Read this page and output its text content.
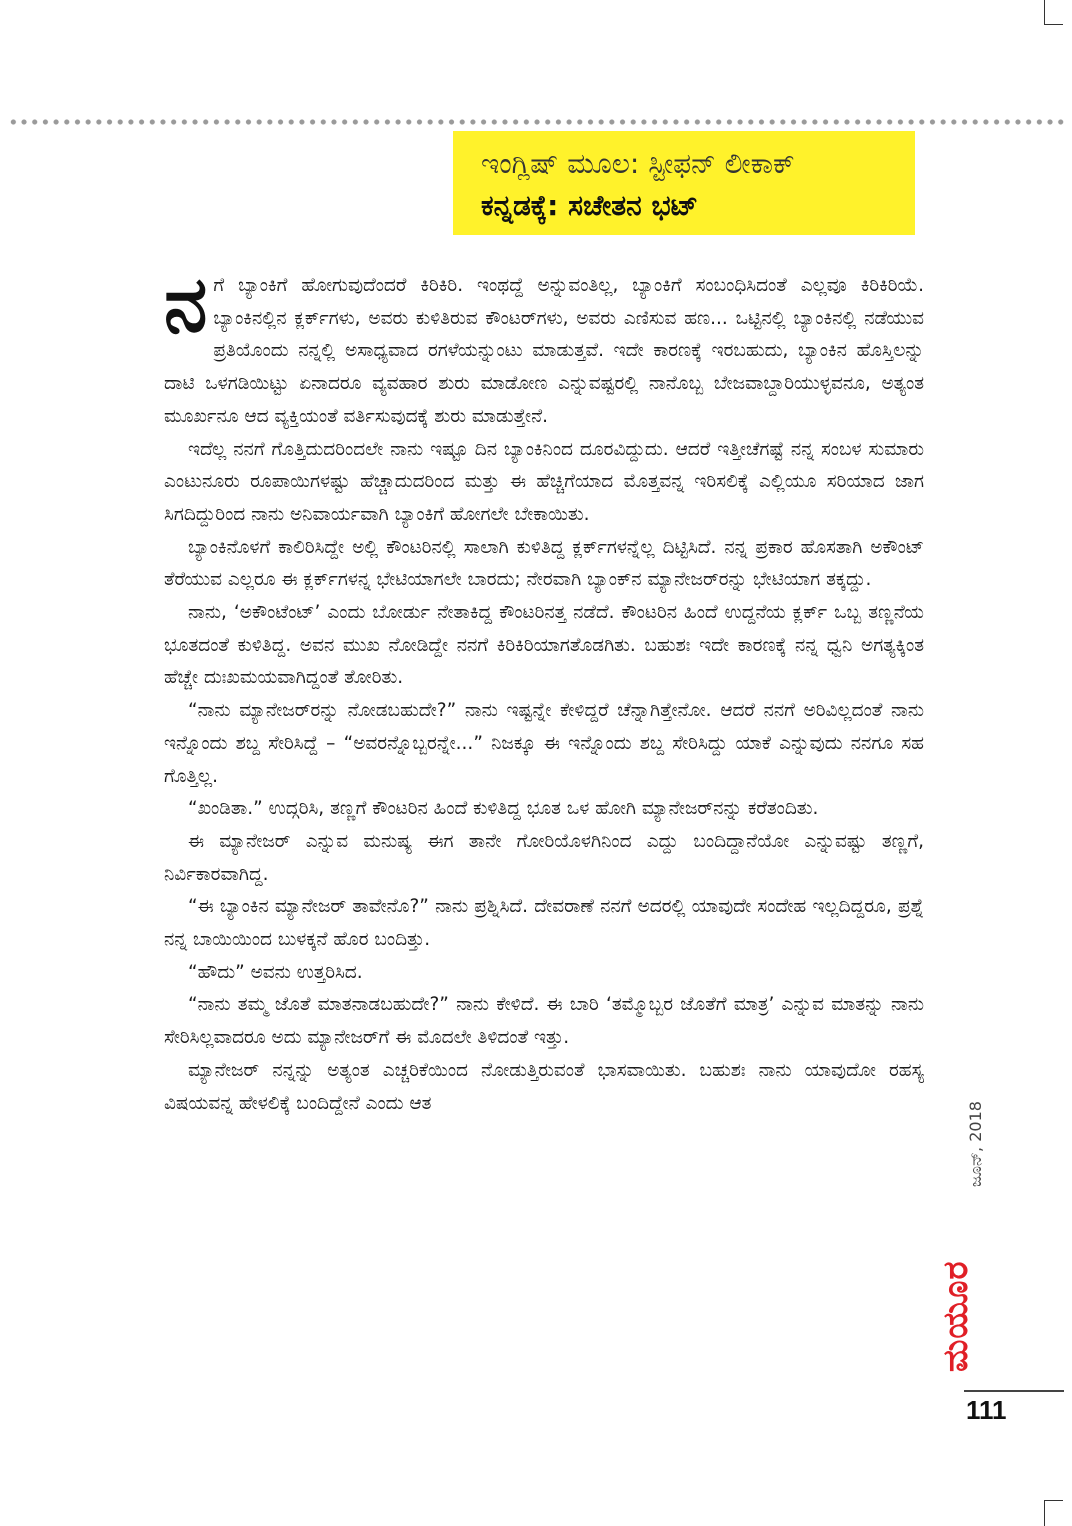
ಇಂಗ್ಲಿಷ್ ಮೂಲ: ಸ್ಟೀಫನ್ ಲೀಕಾಕ್
ಕನ್ನಡಕ್ಕೆ: ಸಚೇತನ ಭಟ್

ನಗೆ ಬ್ಯಾಂಕಿಗೆ ಹೋಗುವುದೆಂದರೆ ಕಿರಿಕಿರಿ. ಇಂಥದ್ದೆ ಅನ್ನುವಂತಿಲ್ಲ, ಬ್ಯಾಂಕಿಗೆ ಸಂಬಂಧಿಸಿದಂತೆ ಎಲ್ಲವೂ ಕಿರಿಕಿರಿಯೆ. ಬ್ಯಾಂಕಿನಲ್ಲಿನ ಕ್ಲರ್ಕ್‌ಗಳು, ಅವರು ಕುಳಿತಿರುವ ಕೌಂಟರ್‌ಗಳು, ಅವರು ಎಣಿಸುವ ಹಣ... ಒಟ್ಟಿನಲ್ಲಿ ಬ್ಯಾಂಕಿನಲ್ಲಿ ನಡೆಯುವ ಪ್ರತಿಯೊಂದು ನನ್ನಲ್ಲಿ ಅಸಾಧ್ಯವಾದ ರಗಳೆಯನ್ನುಂಟು ಮಾಡುತ್ತವೆ. ಇದೇ ಕಾರಣಕ್ಕೆ ಇರಬಹುದು, ಬ್ಯಾಂಕಿನ ಹೊಸ್ತಿಲನ್ನು ದಾಟಿ ಒಳಗಡಿಯಿಟ್ಟು ಏನಾದರೂ ವ್ಯವಹಾರ ಶುರು ಮಾಡೋಣ ಎನ್ನುವಷ್ಟರಲ್ಲಿ ನಾನೊಬ್ಬ ಬೇಜವಾಬ್ದಾರಿಯುಳ್ಳವನೂ, ಅತ್ಯಂತ ಮೂರ್ಖನೂ ಆದ ವ್ಯಕ್ತಿಯಂತೆ ವರ್ತಿಸುವುದಕ್ಕೆ ಶುರು ಮಾಡುತ್ತೇನೆ.

ಇದೆಲ್ಲ ನನಗೆ ಗೊತ್ತಿದುದರಿಂದಲೇ ನಾನು ಇಷ್ಟೂ ದಿನ ಬ್ಯಾಂಕಿನಿಂದ ದೂರವಿದ್ದುದು. ಆದರೆ ಇತ್ತೀಚೆಗಷ್ಟೆ ನನ್ನ ಸಂಬಳ ಸುಮಾರು ಎಂಟುನೂರು ರೂಪಾಯಿಗಳಷ್ಟು ಹೆಚ್ಚಾದುದರಿಂದ ಮತ್ತು ಈ ಹೆಚ್ಚಿಗೆಯಾದ ಮೊತ್ತವನ್ನ ಇರಿಸಲಿಕ್ಕೆ ಎಲ್ಲಿಯೂ ಸರಿಯಾದ ಜಾಗ ಸಿಗದಿದ್ದುರಿಂದ ನಾನು ಅನಿವಾರ್ಯವಾಗಿ ಬ್ಯಾಂಕಿಗೆ ಹೋಗಲೇ ಬೇಕಾಯಿತು.

ಬ್ಯಾಂಕಿನೊಳಗೆ ಕಾಲಿರಿಸಿದ್ದೇ ಅಲ್ಲಿ ಕೌಂಟರಿನಲ್ಲಿ ಸಾಲಾಗಿ ಕುಳಿತಿದ್ದ ಕ್ಲರ್ಕ್‌ಗಳನ್ನೆಲ್ಲ ದಿಟ್ಟಿಸಿದೆ. ನನ್ನ ಪ್ರಕಾರ ಹೊಸತಾಗಿ ಅಕೌಂಟ್ ತೆರೆಯುವ ಎಲ್ಲರೂ ಈ ಕ್ಲರ್ಕ್‌ಗಳನ್ನ ಭೇಟಿಯಾಗಲೇ ಬಾರದು; ನೇರವಾಗಿ ಬ್ಯಾಂಕ್‌ನ ಮ್ಯಾನೇಜರ್‌ರನ್ನು ಭೇಟಿಯಾಗ ತಕ್ಕದ್ದು.

ನಾನು, ‘ಅಕೌಂಟೆಂಟ್’ ಎಂದು ಬೋರ್ಡು ನೇತಾಕಿದ್ದ ಕೌಂಟರಿನತ್ತ ನಡೆದೆ. ಕೌಂಟರಿನ ಹಿಂದೆ ಉದ್ದನೆಯ ಕ್ಲರ್ಕ್ ಒಬ್ಬ ತಣ್ಣನೆಯ ಭೂತದಂತೆ ಕುಳಿತಿದ್ದ. ಅವನ ಮುಖ ನೋಡಿದ್ದೇ ನನಗೆ ಕಿರಿಕಿರಿಯಾಗತೊಡಗಿತು. ಬಹುಶಃ ಇದೇ ಕಾರಣಕ್ಕೆ ನನ್ನ ಧ್ವನಿ ಅಗತ್ಯಕ್ಕಿಂತ ಹೆಚ್ಚೇ ದುಃಖಮಯವಾಗಿದ್ದಂತೆ ತೋರಿತು.

“ನಾನು ಮ್ಯಾನೇಜರ್‌ರನ್ನು ನೋಡಬಹುದೇ?” ನಾನು ಇಷ್ಟನ್ನೇ ಕೇಳಿದ್ದರೆ ಚೆನ್ನಾಗಿತ್ತೇನೋ. ಆದರೆ ನನಗೆ ಅರಿವಿಲ್ಲದಂತೆ ನಾನು ಇನ್ನೊಂದು ಶಬ್ದ ಸೇರಿಸಿದ್ದೆ – “ಅವರನ್ನೊಬ್ಬರನ್ನೇ...” ನಿಜಕ್ಕೂ ಈ ಇನ್ನೊಂದು ಶಬ್ದ ಸೇರಿಸಿದ್ದು ಯಾಕೆ ಎನ್ನುವುದು ನನಗೂ ಸಹ ಗೊತ್ತಿಲ್ಲ.

“ಖಂಡಿತಾ.” ಉದ್ಗರಿಸಿ, ತಣ್ಣಗೆ ಕೌಂಟರಿನ ಹಿಂದೆ ಕುಳಿತಿದ್ದ ಭೂತ ಒಳ ಹೋಗಿ ಮ್ಯಾನೇಜರ್‌ನನ್ನು ಕರೆತಂದಿತು.

ಈ ಮ್ಯಾನೇಜರ್ ಎನ್ನುವ ಮನುಷ್ಯ ಈಗ ತಾನೇ ಗೋರಿಯೊಳಗಿನಿಂದ ಎದ್ದು ಬಂದಿದ್ದಾನೆಯೋ ಎನ್ನುವಷ್ಟು ತಣ್ಣಗೆ, ನಿರ್ವಿಕಾರವಾಗಿದ್ದ.

“ಈ ಬ್ಯಾಂಕಿನ ಮ್ಯಾನೇಜರ್ ತಾವೇನೊ?” ನಾನು ಪ್ರಶ್ನಿಸಿದೆ. ದೇವರಾಣೆ ನನಗೆ ಅದರಲ್ಲಿ ಯಾವುದೇ ಸಂದೇಹ ಇಲ್ಲದಿದ್ದರೂ, ಪ್ರಶ್ನೆ ನನ್ನ ಬಾಯಿಯಿಂದ ಬುಳಕ್ಕನೆ ಹೊರ ಬಂದಿತ್ತು.

“ಹೌದು” ಅವನು ಉತ್ತರಿಸಿದ.

“ನಾನು ತಮ್ಮ ಜೊತೆ ಮಾತನಾಡಬಹುದೇ?” ನಾನು ಕೇಳಿದೆ. ಈ ಬಾರಿ ‘ತಮ್ಮೊಬ್ಬರ ಜೊತೆಗೆ ಮಾತ್ರ’ ಎನ್ನುವ ಮಾತನ್ನು ನಾನು ಸೇರಿಸಿಲ್ಲವಾದರೂ ಅದು ಮ್ಯಾನೇಜರ್‌ಗೆ ಈ ಮೊದಲೇ ತಿಳಿದಂತೆ ಇತ್ತು.

ಮ್ಯಾನೇಜರ್ ನನ್ನನ್ನು ಅತ್ಯಂತ ಎಚ್ಚರಿಕೆಯಿಂದ ನೋಡುತ್ತಿರುವಂತೆ ಭಾಸವಾಯಿತು. ಬಹುಶಃ ನಾನು ಯಾವುದೋ ರಹಸ್ಯ ವಿಷಯವನ್ನ ಹೇಳಲಿಕ್ಕೆ ಬಂದಿದ್ದೇನೆ ಎಂದು ಆತ	ಜೂನ್, 2018
ಮಯೂರ
111
